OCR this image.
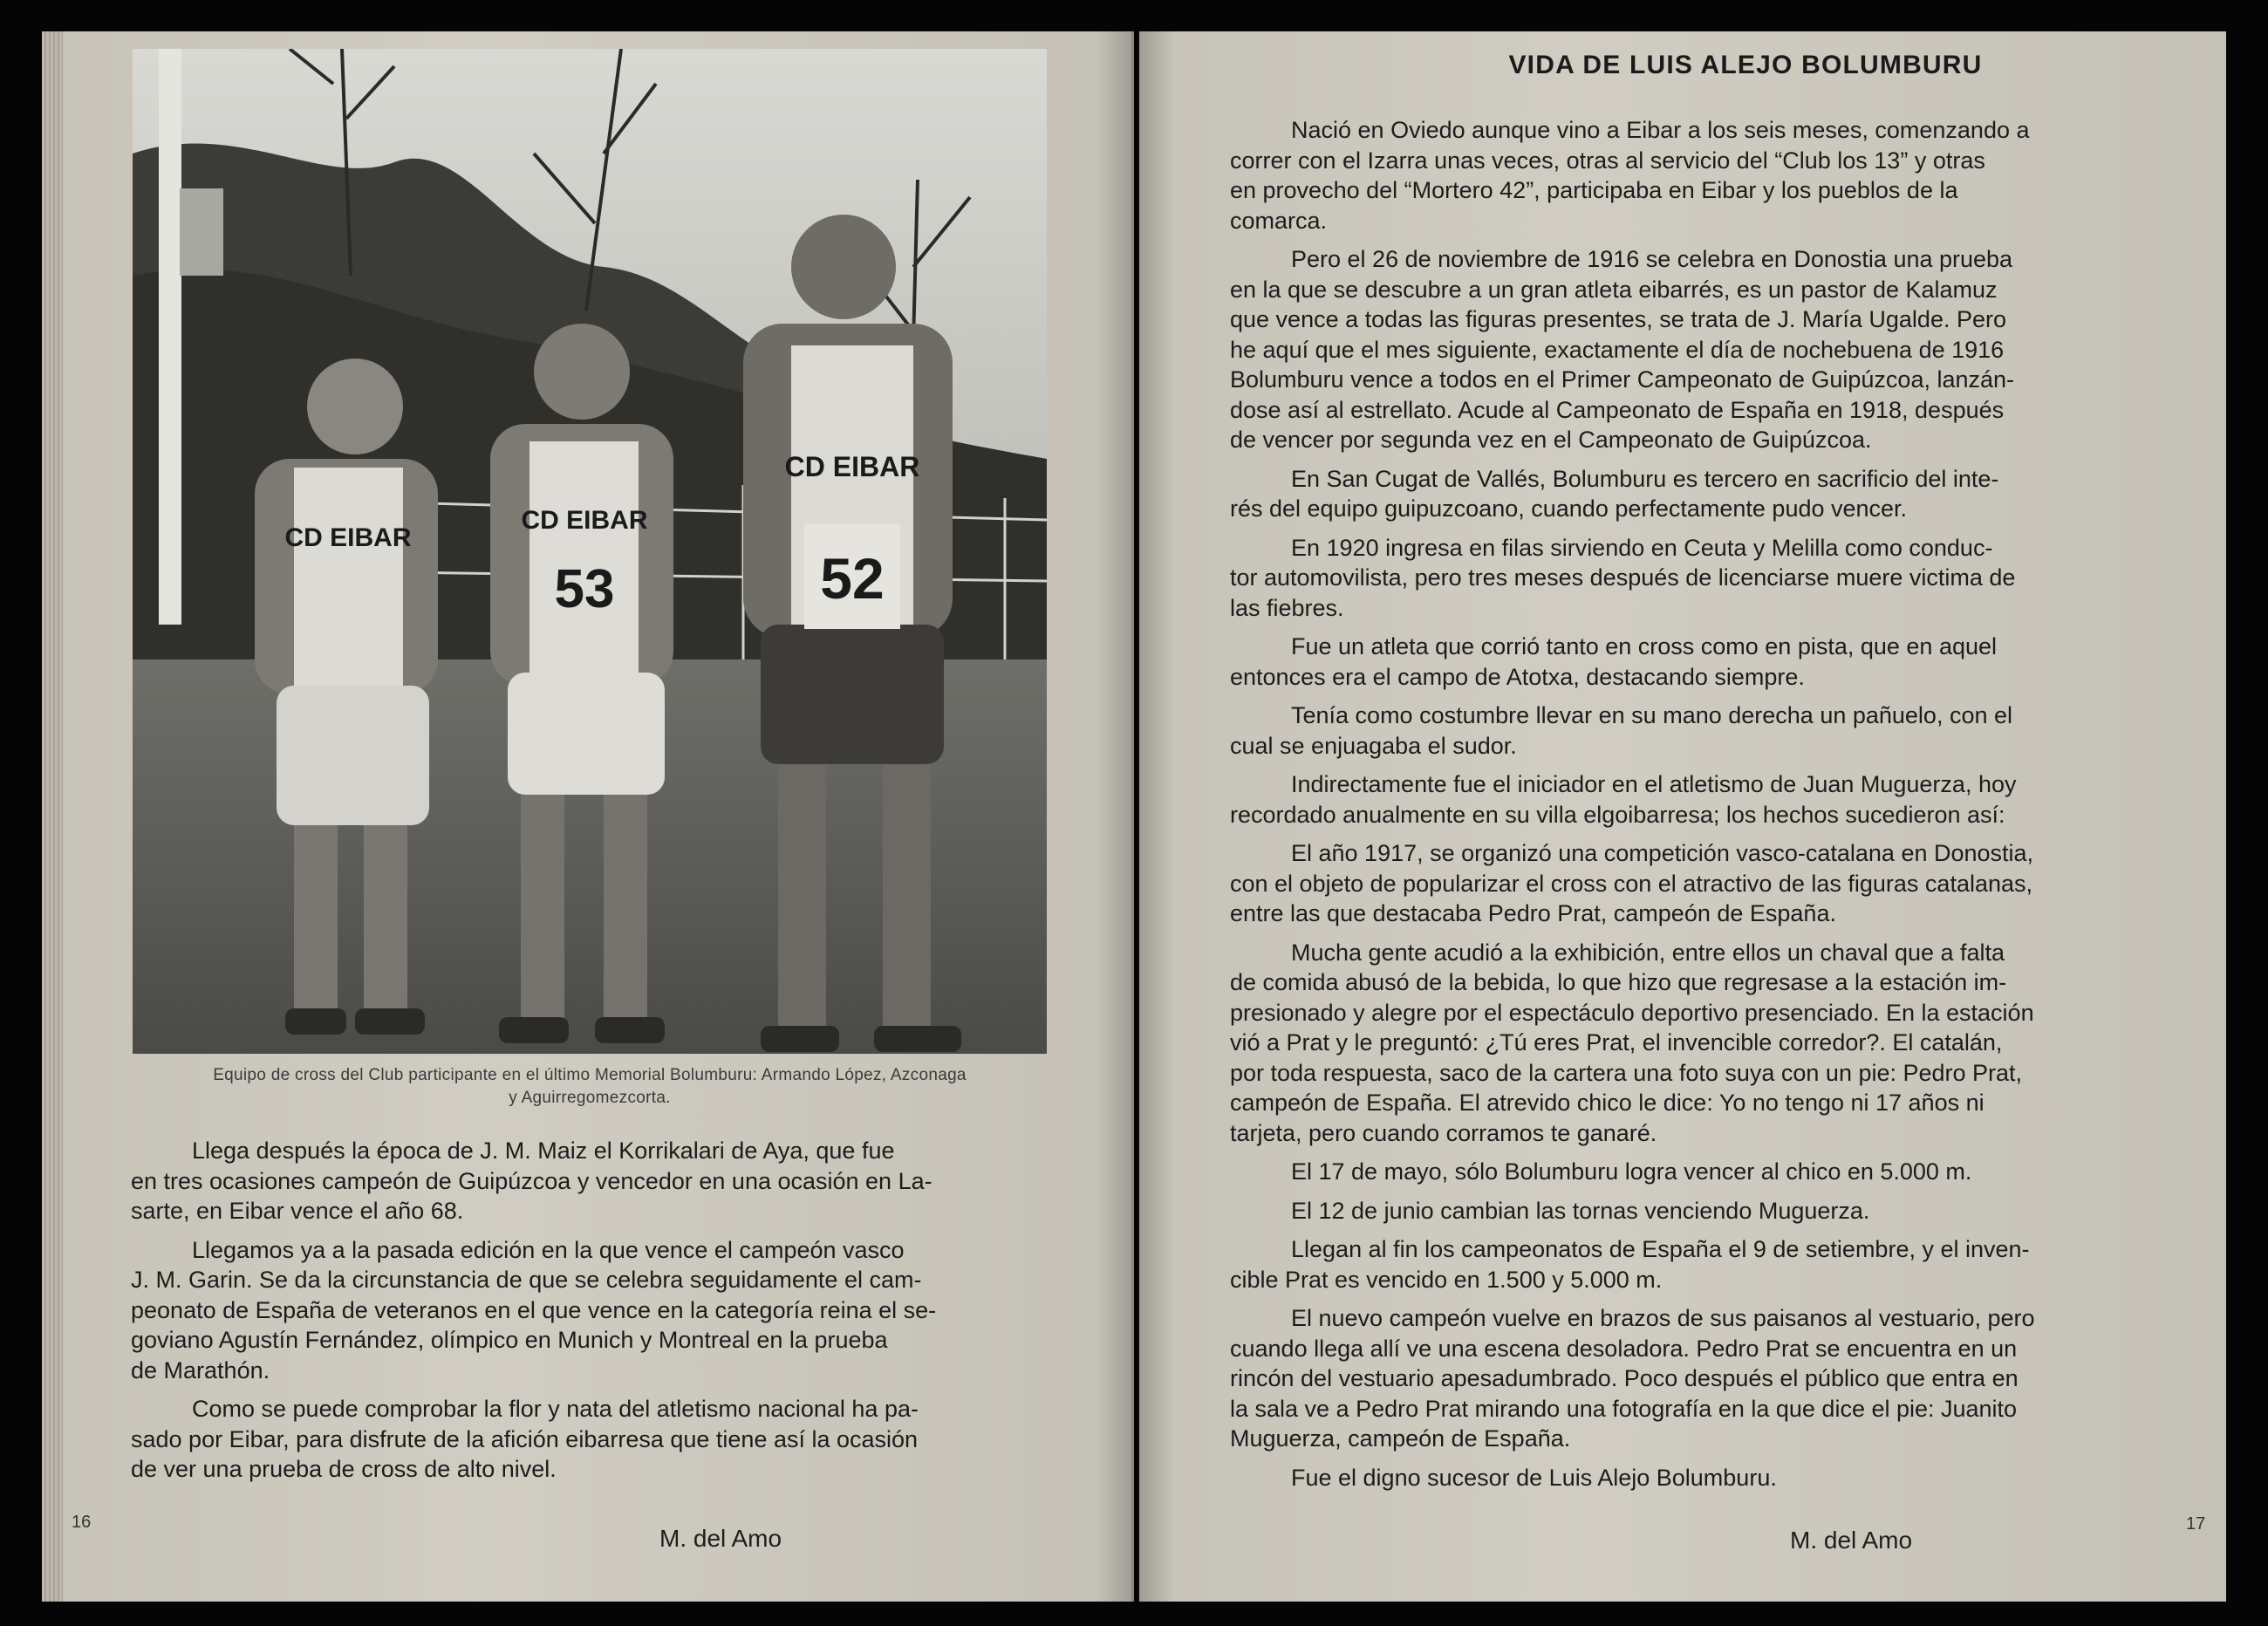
CD EIBAR
CD EIBAR
53
CD EIBAR
52
Equipo de cross del Club participante en el último Memorial Bolumburu: Armando López, Azconaga
y Aguirregomezcorta.
Llega después la época de J. M. Maiz el Korrikalari de Aya, que fue
en tres ocasiones campeón de Guipúzcoa y vencedor en una ocasión en La-
sarte, en Eibar vence el año 68.
Llegamos ya a la pasada edición en la que vence el campeón vasco
J. M. Garin. Se da la circunstancia de que se celebra seguidamente el cam-
peonato de España de veteranos en el que vence en la categoría reina el se-
goviano Agustín Fernández, olímpico en Munich y Montreal en la prueba
de Marathón.
Como se puede comprobar la flor y nata del atletismo nacional ha pa-
sado por Eibar, para disfrute de la afición eibarresa que tiene así la ocasión
de ver una prueba de cross de alto nivel.
16
M. del Amo
VIDA DE LUIS ALEJO BOLUMBURU
Nació en Oviedo aunque vino a Eibar a los seis meses, comenzando a
correr con el Izarra unas veces, otras al servicio del “Club los 13” y otras
en provecho del “Mortero 42”, participaba en Eibar y los pueblos de la
comarca.
Pero el 26 de noviembre de 1916 se celebra en Donostia una prueba
en la que se descubre a un gran atleta eibarrés, es un pastor de Kalamuz
que vence a todas las figuras presentes, se trata de J. María Ugalde. Pero
he aquí que el mes siguiente, exactamente el día de nochebuena de 1916
Bolumburu vence a todos en el Primer Campeonato de Guipúzcoa, lanzán-
dose así al estrellato. Acude al Campeonato de España en 1918, después
de vencer por segunda vez en el Campeonato de Guipúzcoa.
En San Cugat de Vallés, Bolumburu es tercero en sacrificio del inte-
rés del equipo guipuzcoano, cuando perfectamente pudo vencer.
En 1920 ingresa en filas sirviendo en Ceuta y Melilla como conduc-
tor automovilista, pero tres meses después de licenciarse muere victima de
las fiebres.
Fue un atleta que corrió tanto en cross como en pista, que en aquel
entonces era el campo de Atotxa, destacando siempre.
Tenía como costumbre llevar en su mano derecha un pañuelo, con el
cual se enjuagaba el sudor.
Indirectamente fue el iniciador en el atletismo de Juan Muguerza, hoy
recordado anualmente en su villa elgoibarresa; los hechos sucedieron así:
El año 1917, se organizó una competición vasco-catalana en Donostia,
con el objeto de popularizar el cross con el atractivo de las figuras catalanas,
entre las que destacaba Pedro Prat, campeón de España.
Mucha gente acudió a la exhibición, entre ellos un chaval que a falta
de comida abusó de la bebida, lo que hizo que regresase a la estación im-
presionado y alegre por el espectáculo deportivo presenciado. En la estación
vió a Prat y le preguntó: ¿Tú eres Prat, el invencible corredor?. El catalán,
por toda respuesta, saco de la cartera una foto suya con un pie: Pedro Prat,
campeón de España. El atrevido chico le dice: Yo no tengo ni 17 años ni
tarjeta, pero cuando corramos te ganaré.
El 17 de mayo, sólo Bolumburu logra vencer al chico en 5.000 m.
El 12 de junio cambian las tornas venciendo Muguerza.
Llegan al fin los campeonatos de España el 9 de setiembre, y el inven-
cible Prat es vencido en 1.500 y 5.000 m.
El nuevo campeón vuelve en brazos de sus paisanos al vestuario, pero
cuando llega allí ve una escena desoladora. Pedro Prat se encuentra en un
rincón del vestuario apesadumbrado. Poco después el público que entra en
la sala ve a Pedro Prat mirando una fotografía en la que dice el pie: Juanito
Muguerza, campeón de España.
Fue el digno sucesor de Luis Alejo Bolumburu.
M. del Amo
17
